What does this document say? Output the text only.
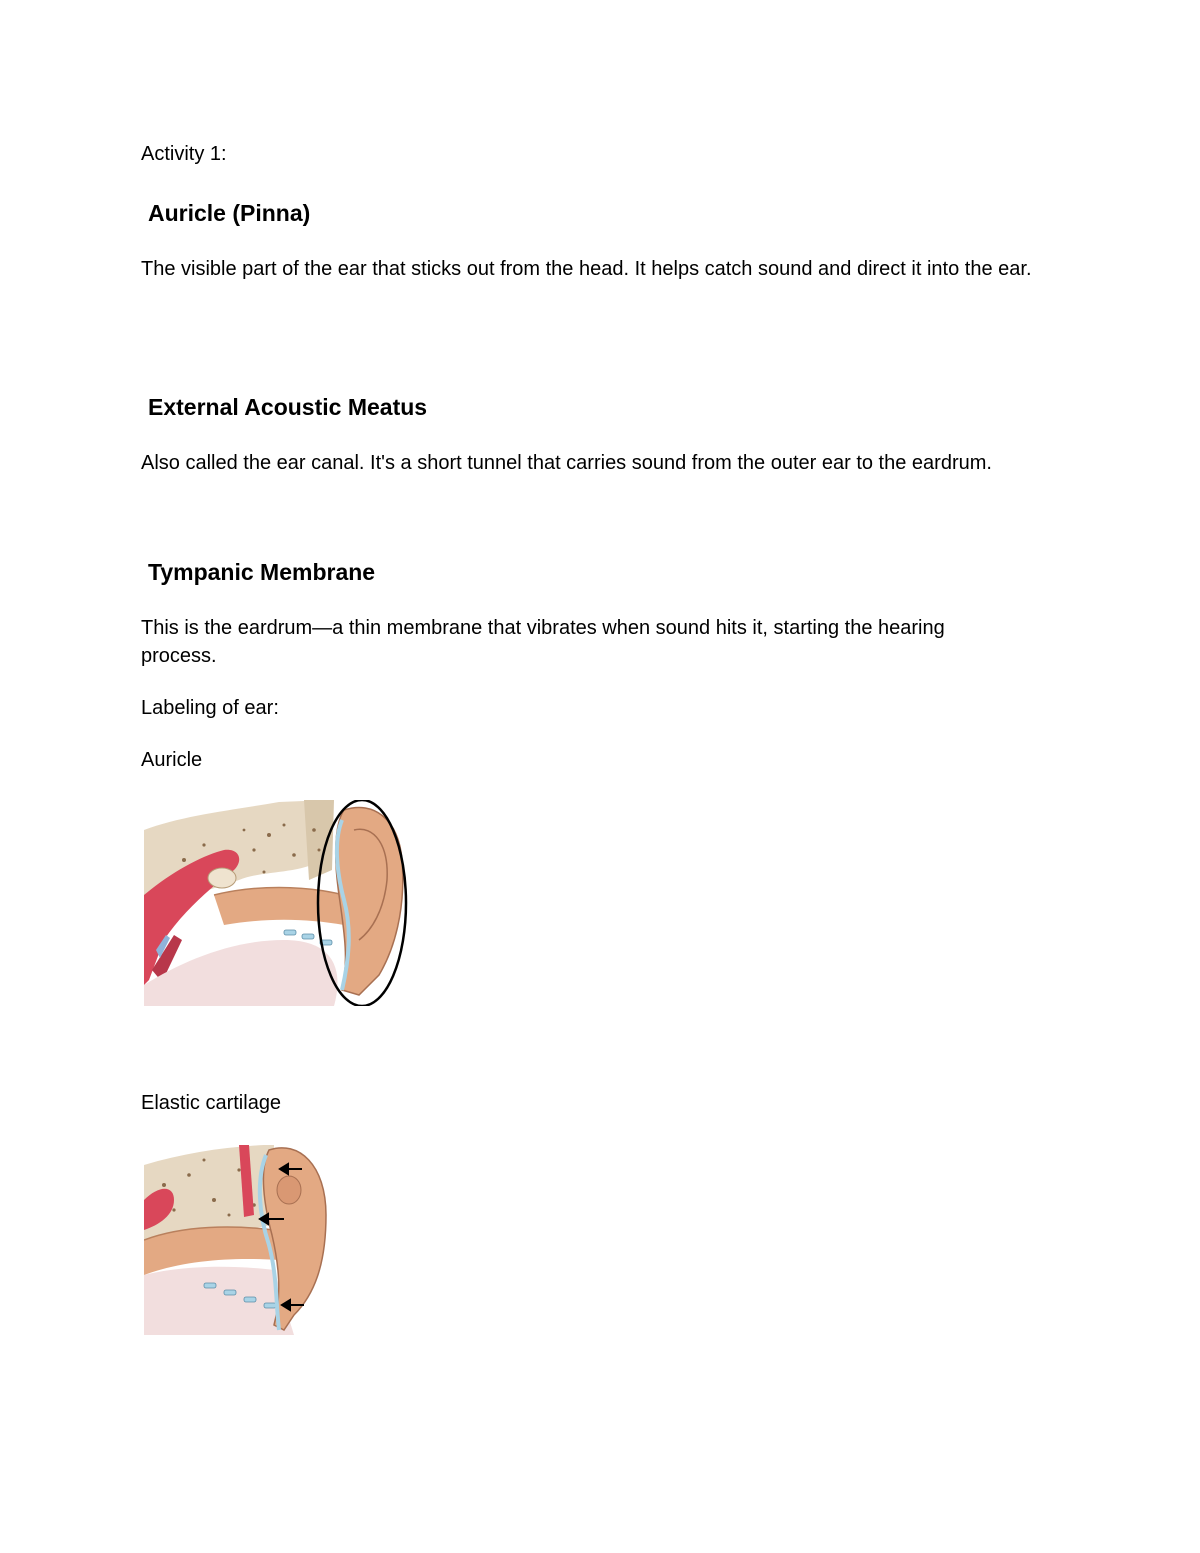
Activity 1:

Auricle (Pinna)

The visible part of the ear that sticks out from the head. It helps catch sound and direct it into the ear.

External Acoustic Meatus

Also called the ear canal. It's a short tunnel that carries sound from the outer ear to the eardrum.

Tympanic Membrane

This is the eardrum—a thin membrane that vibrates when sound hits it, starting the hearing process.

Labeling of ear:

Auricle

Elastic cartilage
